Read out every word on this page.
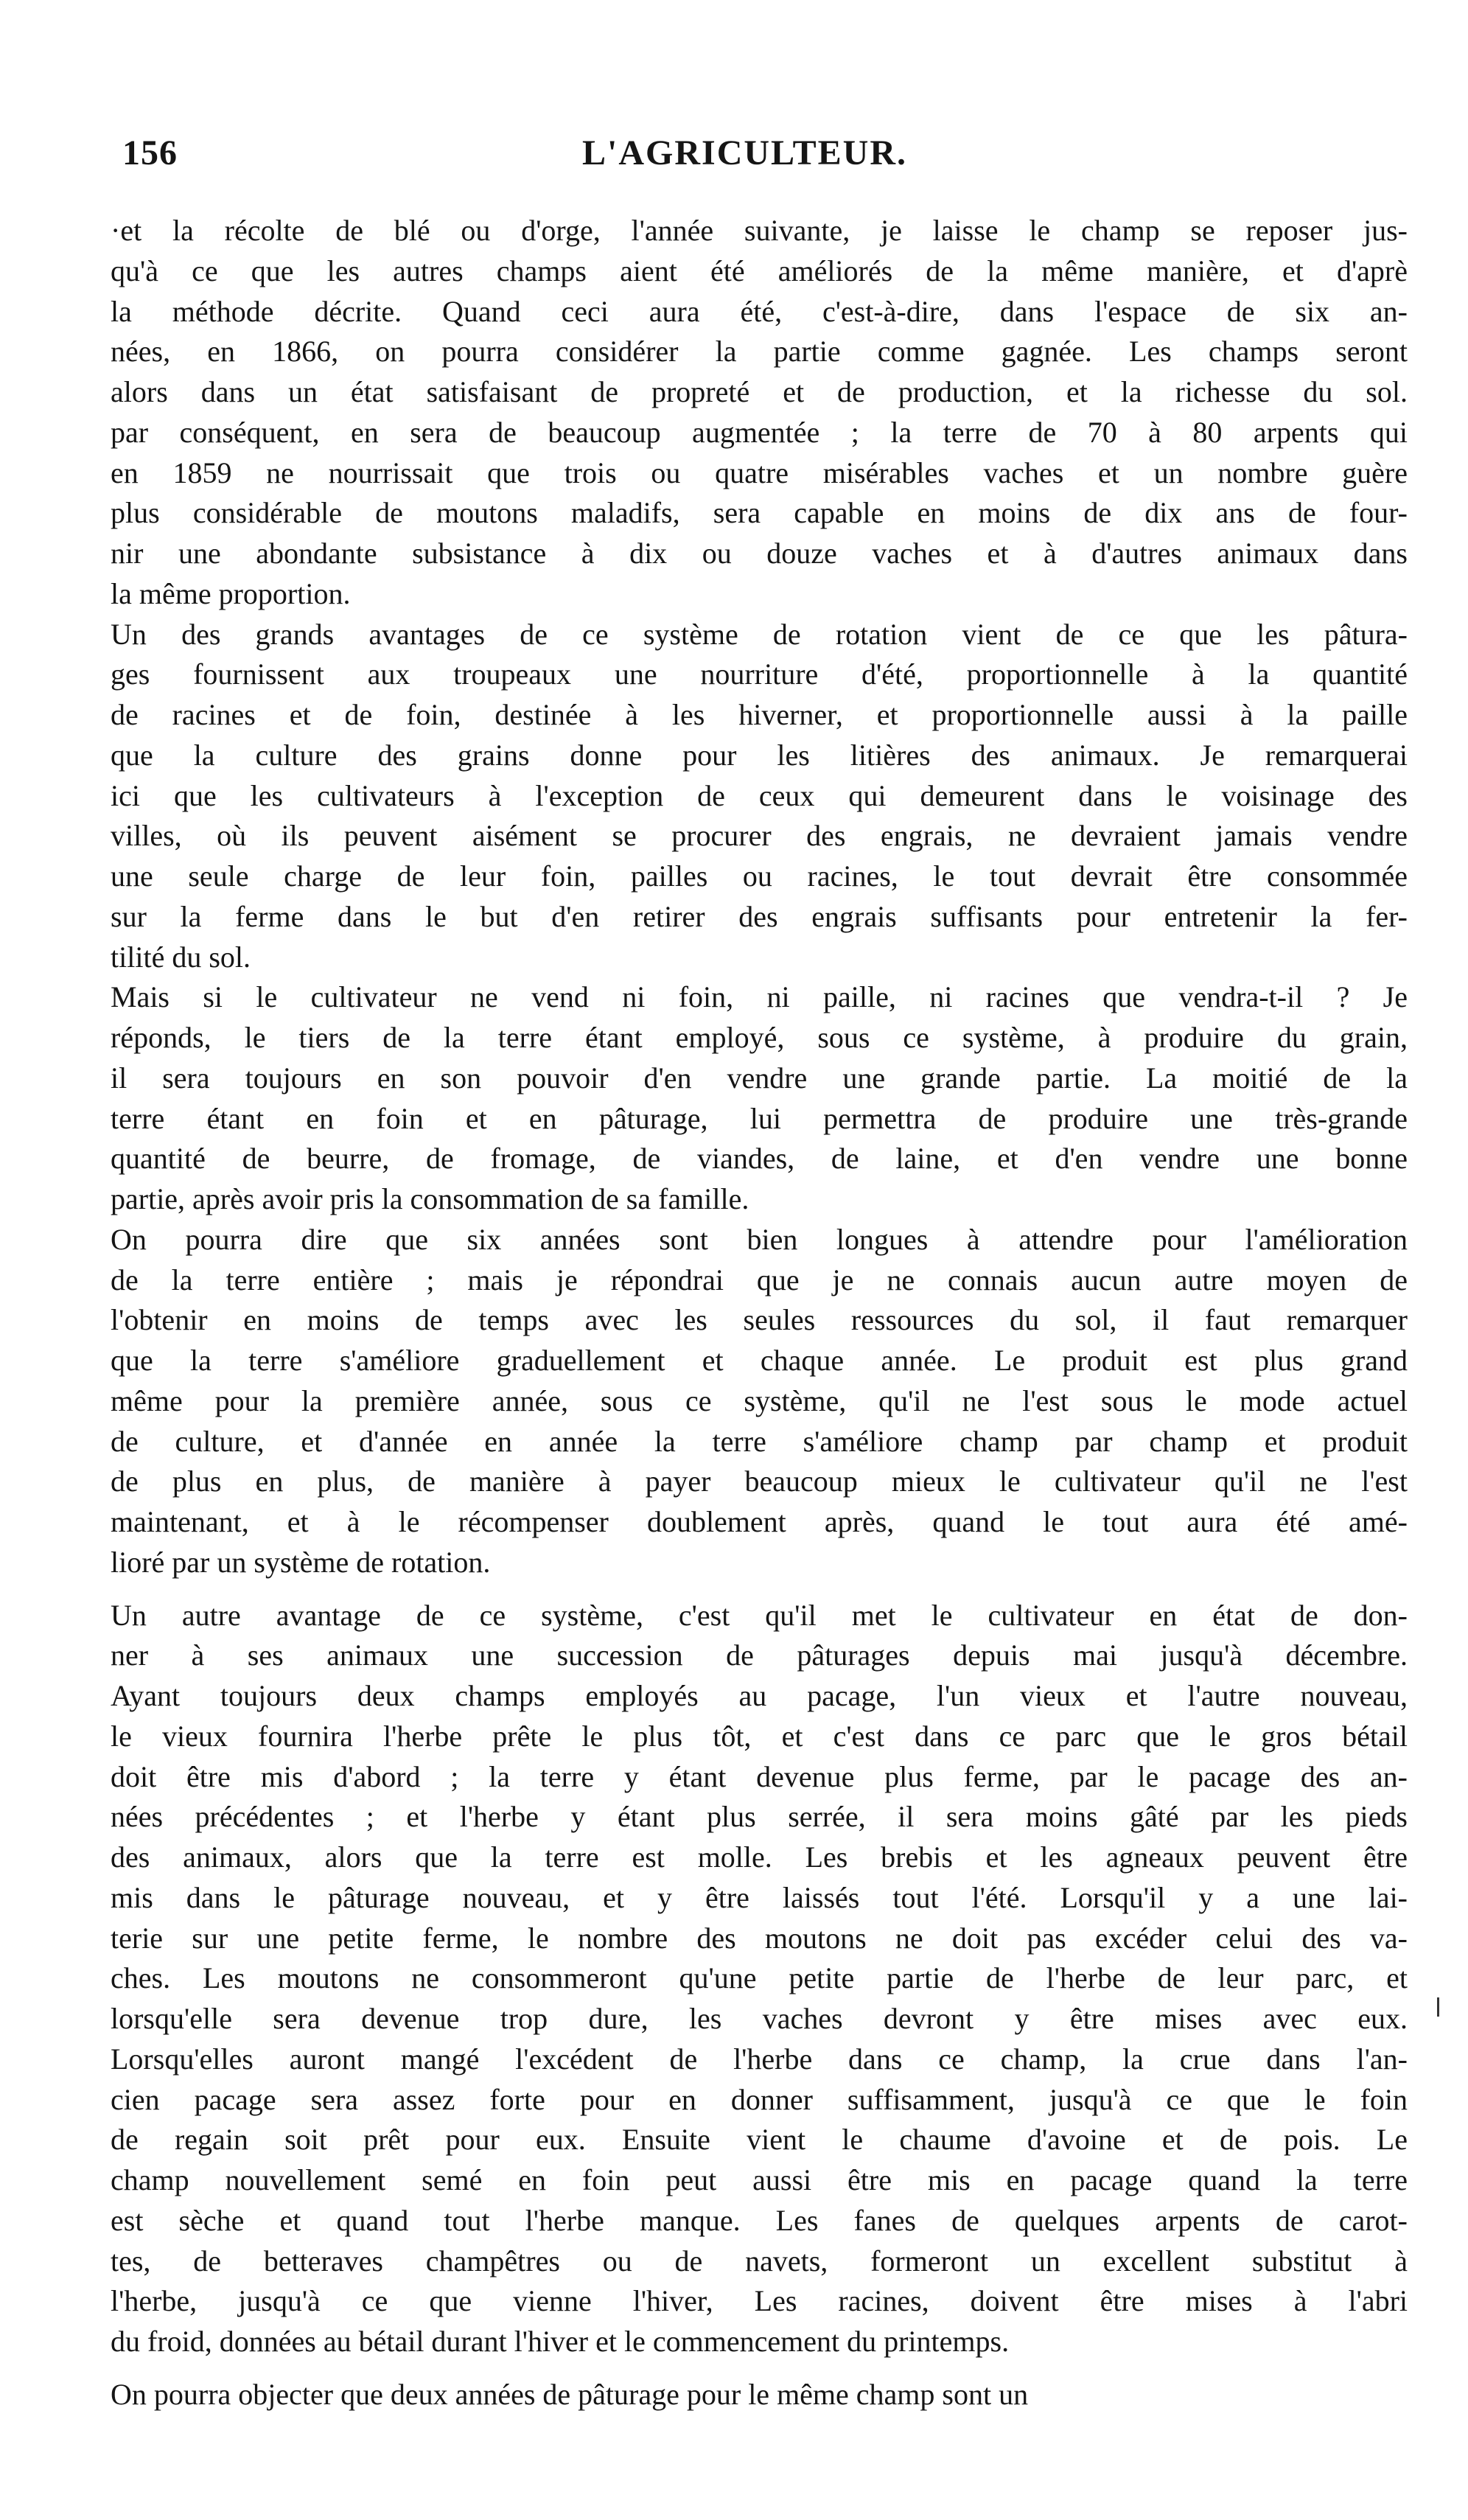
156	L'AGRICULTEUR.
·et la récolte de blé ou d'orge, l'année suivante, je laisse le champ se reposer jus-
qu'à ce que les autres champs aient été améliorés de la même manière, et d'aprè
la méthode décrite. Quand ceci aura été, c'est-à-dire, dans l'espace de six an-
nées, en 1866, on pourra considérer la partie comme gagnée. Les champs seront
alors dans un état satisfaisant de propreté et de production, et la richesse du sol.
par conséquent, en sera de beaucoup augmentée ; la terre de 70 à 80 arpents qui
en 1859 ne nourrissait que trois ou quatre misérables vaches et un nombre guère
plus considérable de moutons maladifs, sera capable en moins de dix ans de four-
nir une abondante subsistance à dix ou douze vaches et à d'autres animaux dans
la même proportion.
Un des grands avantages de ce système de rotation vient de ce que les pâtura-
ges fournissent aux troupeaux une nourriture d'été, proportionnelle à la quantité
de racines et de foin, destinée à les hiverner, et proportionnelle aussi à la paille
que la culture des grains donne pour les litières des animaux. Je remarquerai
ici que les cultivateurs à l'exception de ceux qui demeurent dans le voisinage des
villes, où ils peuvent aisément se procurer des engrais, ne devraient jamais vendre
une seule charge de leur foin, pailles ou racines, le tout devrait être consommée
sur la ferme dans le but d'en retirer des engrais suffisants pour entretenir la fer-
tilité du sol.
Mais si le cultivateur ne vend ni foin, ni paille, ni racines que vendra-t-il ? Je
réponds, le tiers de la terre étant employé, sous ce système, à produire du grain,
il sera toujours en son pouvoir d'en vendre une grande partie. La moitié de la
terre étant en foin et en pâturage, lui permettra de produire une très-grande
quantité de beurre, de fromage, de viandes, de laine, et d'en vendre une bonne
partie, après avoir pris la consommation de sa famille.
On pourra dire que six années sont bien longues à attendre pour l'amélioration
de la terre entière ; mais je répondrai que je ne connais aucun autre moyen de
l'obtenir en moins de temps avec les seules ressources du sol, il faut remarquer
que la terre s'améliore graduellement et chaque année. Le produit est plus grand
même pour la première année, sous ce système, qu'il ne l'est sous le mode actuel
de culture, et d'année en année la terre s'améliore champ par champ et produit
de plus en plus, de manière à payer beaucoup mieux le cultivateur qu'il ne l'est
maintenant, et à le récompenser doublement après, quand le tout aura été amé-
lioré par un système de rotation.
Un autre avantage de ce système, c'est qu'il met le cultivateur en état de don-
ner à ses animaux une succession de pâturages depuis mai jusqu'à décembre.
Ayant toujours deux champs employés au pacage, l'un vieux et l'autre nouveau,
le vieux fournira l'herbe prête le plus tôt, et c'est dans ce parc que le gros bétail
doit être mis d'abord ; la terre y étant devenue plus ferme, par le pacage des an-
nées précédentes ; et l'herbe y étant plus serrée, il sera moins gâté par les pieds
des animaux, alors que la terre est molle. Les brebis et les agneaux peuvent être
mis dans le pâturage nouveau, et y être laissés tout l'été. Lorsqu'il y a une lai-
terie sur une petite ferme, le nombre des moutons ne doit pas excéder celui des va-
ches. Les moutons ne consommeront qu'une petite partie de l'herbe de leur parc, et
lorsqu'elle sera devenue trop dure, les vaches devront y être mises avec eux.
Lorsqu'elles auront mangé l'excédent de l'herbe dans ce champ, la crue dans l'an-
cien pacage sera assez forte pour en donner suffisamment, jusqu'à ce que le foin
de regain soit prêt pour eux. Ensuite vient le chaume d'avoine et de pois. Le
champ nouvellement semé en foin peut aussi être mis en pacage quand la terre
est sèche et quand tout l'herbe manque. Les fanes de quelques arpents de carot-
tes, de betteraves champêtres ou de navets, formeront un excellent substitut à
l'herbe, jusqu'à ce que vienne l'hiver, Les racines, doivent être mises à l'abri
du froid, données au bétail durant l'hiver et le commencement du printemps.
On pourra objecter que deux années de pâturage pour le même champ sont un
